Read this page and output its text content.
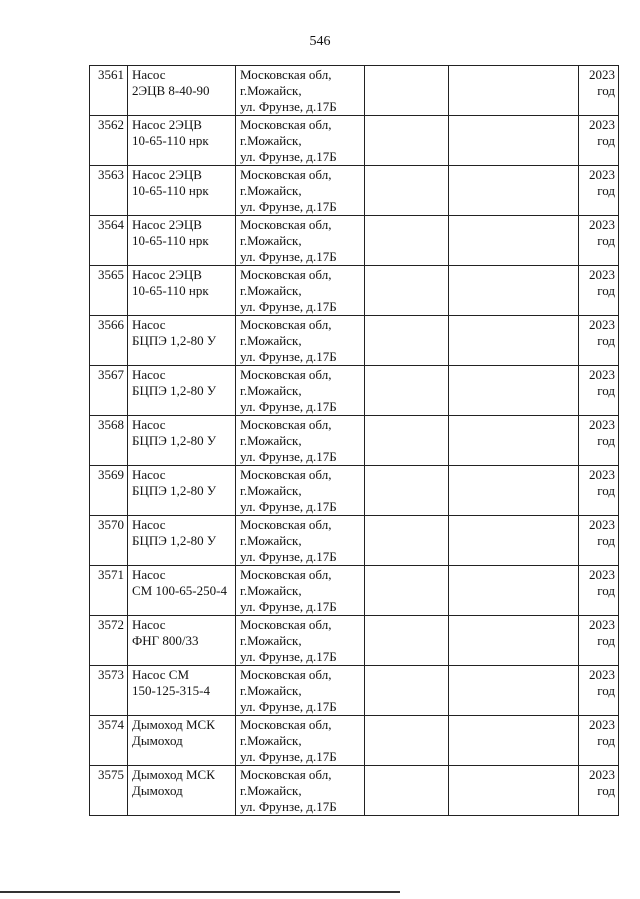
546
3561	Насос
2ЭЦВ 8-40-90	Московская обл,
г.Можайск,
ул. Фрунзе, д.17Б			2023
год

3562	Насос 2ЭЦВ
10-65-110 нрк	Московская обл,
г.Можайск,
ул. Фрунзе, д.17Б			2023
год

3563	Насос 2ЭЦВ
10-65-110 нрк	Московская обл,
г.Можайск,
ул. Фрунзе, д.17Б			2023
год

3564	Насос 2ЭЦВ
10-65-110 нрк	Московская обл,
г.Можайск,
ул. Фрунзе, д.17Б			2023
год

3565	Насос 2ЭЦВ
10-65-110 нрк	Московская обл,
г.Можайск,
ул. Фрунзе, д.17Б			2023
год

3566	Насос
БЦПЭ 1,2-80 У	Московская обл,
г.Можайск,
ул. Фрунзе, д.17Б			2023
год

3567	Насос
БЦПЭ 1,2-80 У	Московская обл,
г.Можайск,
ул. Фрунзе, д.17Б			2023
год

3568	Насос
БЦПЭ 1,2-80 У	Московская обл,
г.Можайск,
ул. Фрунзе, д.17Б			2023
год

3569	Насос
БЦПЭ 1,2-80 У	Московская обл,
г.Можайск,
ул. Фрунзе, д.17Б			2023
год

3570	Насос
БЦПЭ 1,2-80 У	Московская обл,
г.Можайск,
ул. Фрунзе, д.17Б			2023
год

3571	Насос
СМ 100-65-250-4	Московская обл,
г.Можайск,
ул. Фрунзе, д.17Б			2023
год

3572	Насос
ФНГ 800/33	Московская обл,
г.Можайск,
ул. Фрунзе, д.17Б			2023
год

3573	Насос СМ
150-125-315-4	Московская обл,
г.Можайск,
ул. Фрунзе, д.17Б			2023
год

3574	Дымоход МСК
Дымоход	Московская обл,
г.Можайск,
ул. Фрунзе, д.17Б			2023
год

3575	Дымоход МСК
Дымоход	Московская обл,
г.Можайск,
ул. Фрунзе, д.17Б			2023
год
